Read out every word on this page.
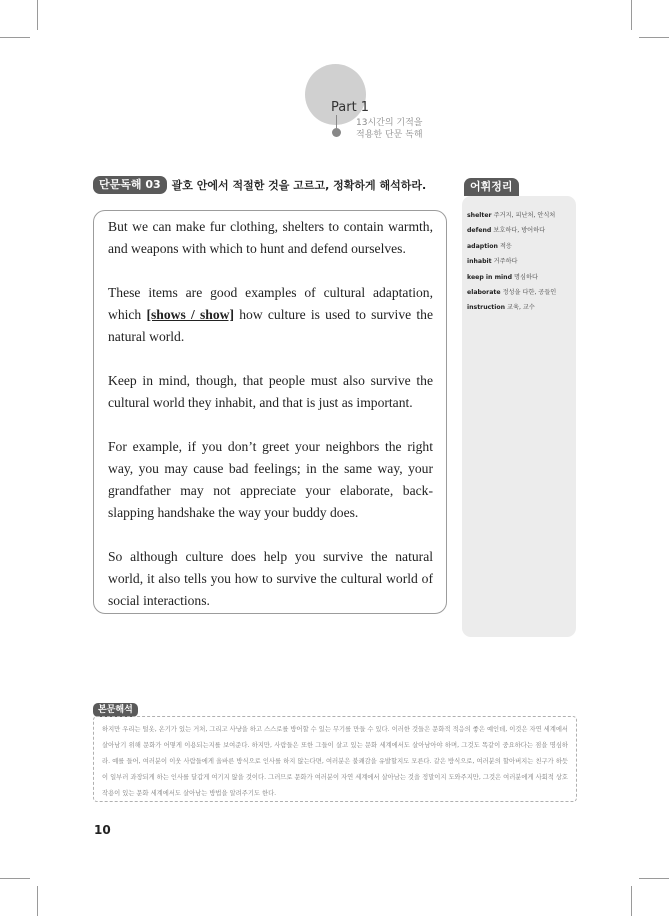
Part 1
13시간의 기적을
적용한 단문 독해
단문독해 03	괄호 안에서 적절한 것을 고르고, 정확하게 해석하라.

But we can make fur clothing, shelters to contain warmth, and weapons with which to hunt and defend ourselves.

These items are good examples of cultural adaptation, which [shows / show] how culture is used to survive the natural world.

Keep in mind, though, that people must also survive the cultural world they inhabit, and that is just as important.

For example, if you don’t greet your neighbors the right way, you may cause bad feelings; in the same way, your grandfather may not appreciate your elaborate, back-slapping handshake the way your buddy does.

So although culture does help you survive the natural world, it also tells you how to survive the cultural world of social interactions.

어휘정리
shelter 주거지, 피난처, 안식처
defend 보호하다, 방어하다
adaption 적응
inhabit 거주하다
keep in mind 명심하다
elaborate 정성을 다한, 공들인
instruction 교육, 교수
본문해석
하지만 우리는 털옷, 온기가 있는 거처, 그리고 사냥을 하고 스스로를 방어할 수 있는 무기를 만들 수 있다. 이러한 것들은 문화적 적응의 좋은 예인데, 이것은 자연 세계에서 살아남기 위해 문화가 어떻게 이용되는지를 보여준다. 하지만, 사람들은 또한 그들이 살고 있는 문화 세계에서도 살아남아야 하며, 그것도 똑같이 중요하다는 점을 명심하라. 예를 들어, 여러분이 이웃 사람들에게 올바른 방식으로 인사를 하지 않는다면, 여러분은 불쾌감을 유발할지도 모른다. 같은 방식으로, 여러분의 할아버지는 친구가 하듯이 일부러 과장되게 하는 인사를 달갑게 여기지 않을 것이다. 그러므로 문화가 여러분이 자연 세계에서 살아남는 것을 정말이지 도와주지만, 그것은 여러분에게 사회적 상호작용이 있는 문화 세계에서도 살아남는 방법을 알려주기도 한다.
10
